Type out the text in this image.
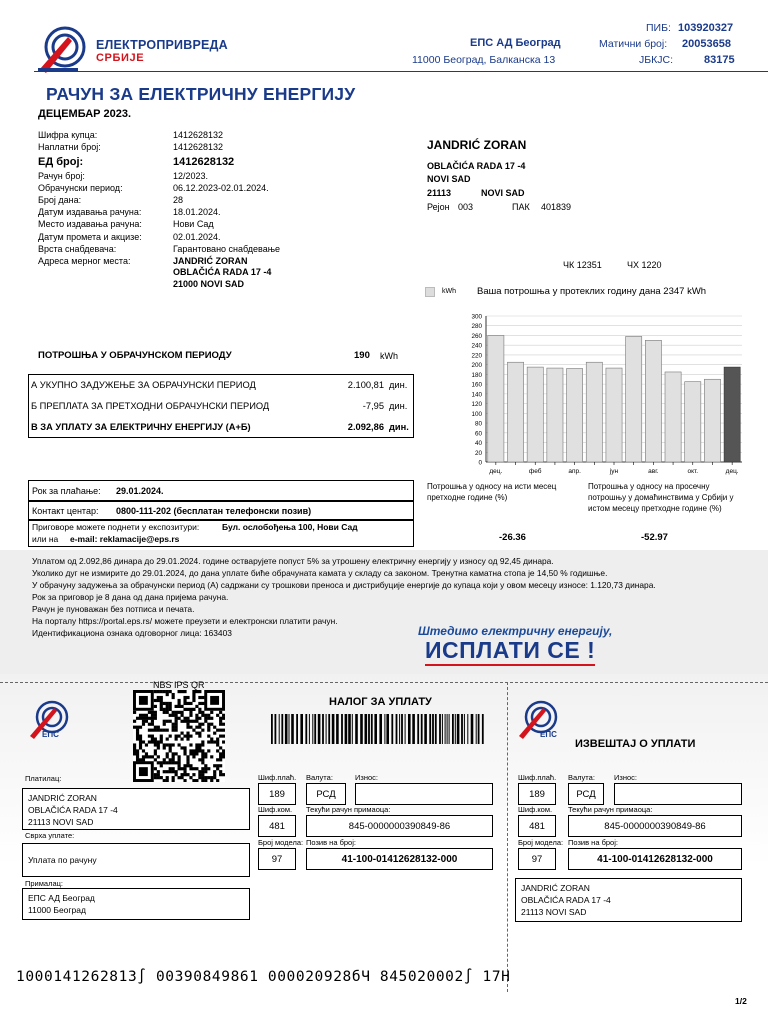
ЕЛЕКТРОПРИВРЕДА
СРБИЈЕ
ЕПС АД Београд
11000 Београд, Балканска 13
ПИБ: 103920327
Матични број: 20053658
ЈБКЈС:	83175
РАЧУН ЗА ЕЛЕКТРИЧНУ ЕНЕРГИЈУ
ДЕЦЕМБАР 2023.
Шифра купца:	1412628132
Наплатни број:	1412628132
ЕД број:	1412628132
Рачун број:	12/2023.
Обрачунски период:	06.12.2023-02.01.2024.
Број дана:	28
Датум издавања рачуна:	18.01.2024.
Место издавања рачуна:	Нови Сад
Датум промета и акцизе:	02.01.2024.
Врста снабдевача:	Гарантовано снабдевање
Адреса мерног места:	JANDRIĆ ZORAN
OBLAČIĆA RADA 17 -4
21000 NOVI SAD
JANDRIĆ ZORAN
OBLAČIĆA RADA 17 -4
NOVI SAD
21113	NOVI SAD
Рејон 003	ПАК 401839
ПОТРОШЊА У ОБРАЧУНСКОМ ПЕРИОДУ	190 kWh
А УКУПНО ЗАДУЖЕЊЕ ЗА ОБРАЧУНСКИ ПЕРИОД	2.100,81 дин.
Б ПРЕПЛАТА ЗА ПРЕТХОДНИ ОБРАЧУНСКИ ПЕРИОД	-7,95 дин.
В ЗА УПЛАТУ ЗА ЕЛЕКТРИЧНУ ЕНЕРГИЈУ (А+Б)	2.092,86 дин.
Рок за плаћање: 29.01.2024.
Контакт центар: 0800-111-202 (бесплатан телефонски позив)
Приговоре можете поднети у експозитури:	Бул. ослобођења 100, Нови Сад
или на e-mail: reklamacije@eps.rs
ЧК 12351	ЧХ 1220
kWh Ваша потрошња у протеклих годину дана 2347 kWh
0
20
40
60
80
100
120
140
160
180
200
220
240
260
280
300
дец.	феб	апр.	јун	авг.	окт.	дец.
Потрошња у односу на исти месец претходне године (%)
Потрошња у односу на просечну потрошњу у домаћинствима у Србији у истом месецу претходне године (%)
-26.36	-52.97
Уплатом од 2.092,86 динара до 29.01.2024. године остварујете попуст 5% за утрошену електричну енергију у износу од 92,45 динара.
Уколико дуг не измирите до 29.01.2024, до дана уплате биће обрачуната камата у складу са законом. Тренутна каматна стопа је 14,50 % годишње.
У обрачуну задужења за обрачунски период (А) садржани су трошкови преноса и дистрибуције енергије до купаца који у овом месецу износе: 1.120,73 динара.
Рок за приговор је 8 дана од дана пријема рачуна.
Рачун је пуноважан без потписа и печата.
На порталу https://portal.eps.rs/ можете преузети и електронски платити рачун.
Идентификациона ознака одговорног лица: 163403	Штедимо електричну енергију,
ИСПЛАТИ СЕ !
ЕПС	ЕПС
NBS IPS QR
НАЛОГ ЗА УПЛАТУ
ИЗВЕШТАЈ О УПЛАТИ
Платилац:
JANDRIĆ ZORAN
OBLAČIĆA RADA 17 -4
21113 NOVI SAD
Сврха уплате:
Уплата по рачуну
Прималац:
ЕПС АД Београд
11000 Београд
Шиф.плаћ. Валута:	Износ:
189	РСД
Шиф.ком. Текући рачун примаоца:
481	845-0000000390849-86
Број модела: Позив на број:
97	41-100-01412628132-000
Шиф.плаћ. Валута:	Износ:
189	РСД
Шиф.ком. Текући рачун примаоца:
481	845-0000000390849-86
Број модела: Позив на број:
97	41-100-01412628132-000
JANDRIĆ ZORAN
OBLAČIĆA RADA 17 -4
21113 NOVI SAD
100014126281З∫ 00З90849861 000020928бЧ 845020002∫ 17Н
1/2
